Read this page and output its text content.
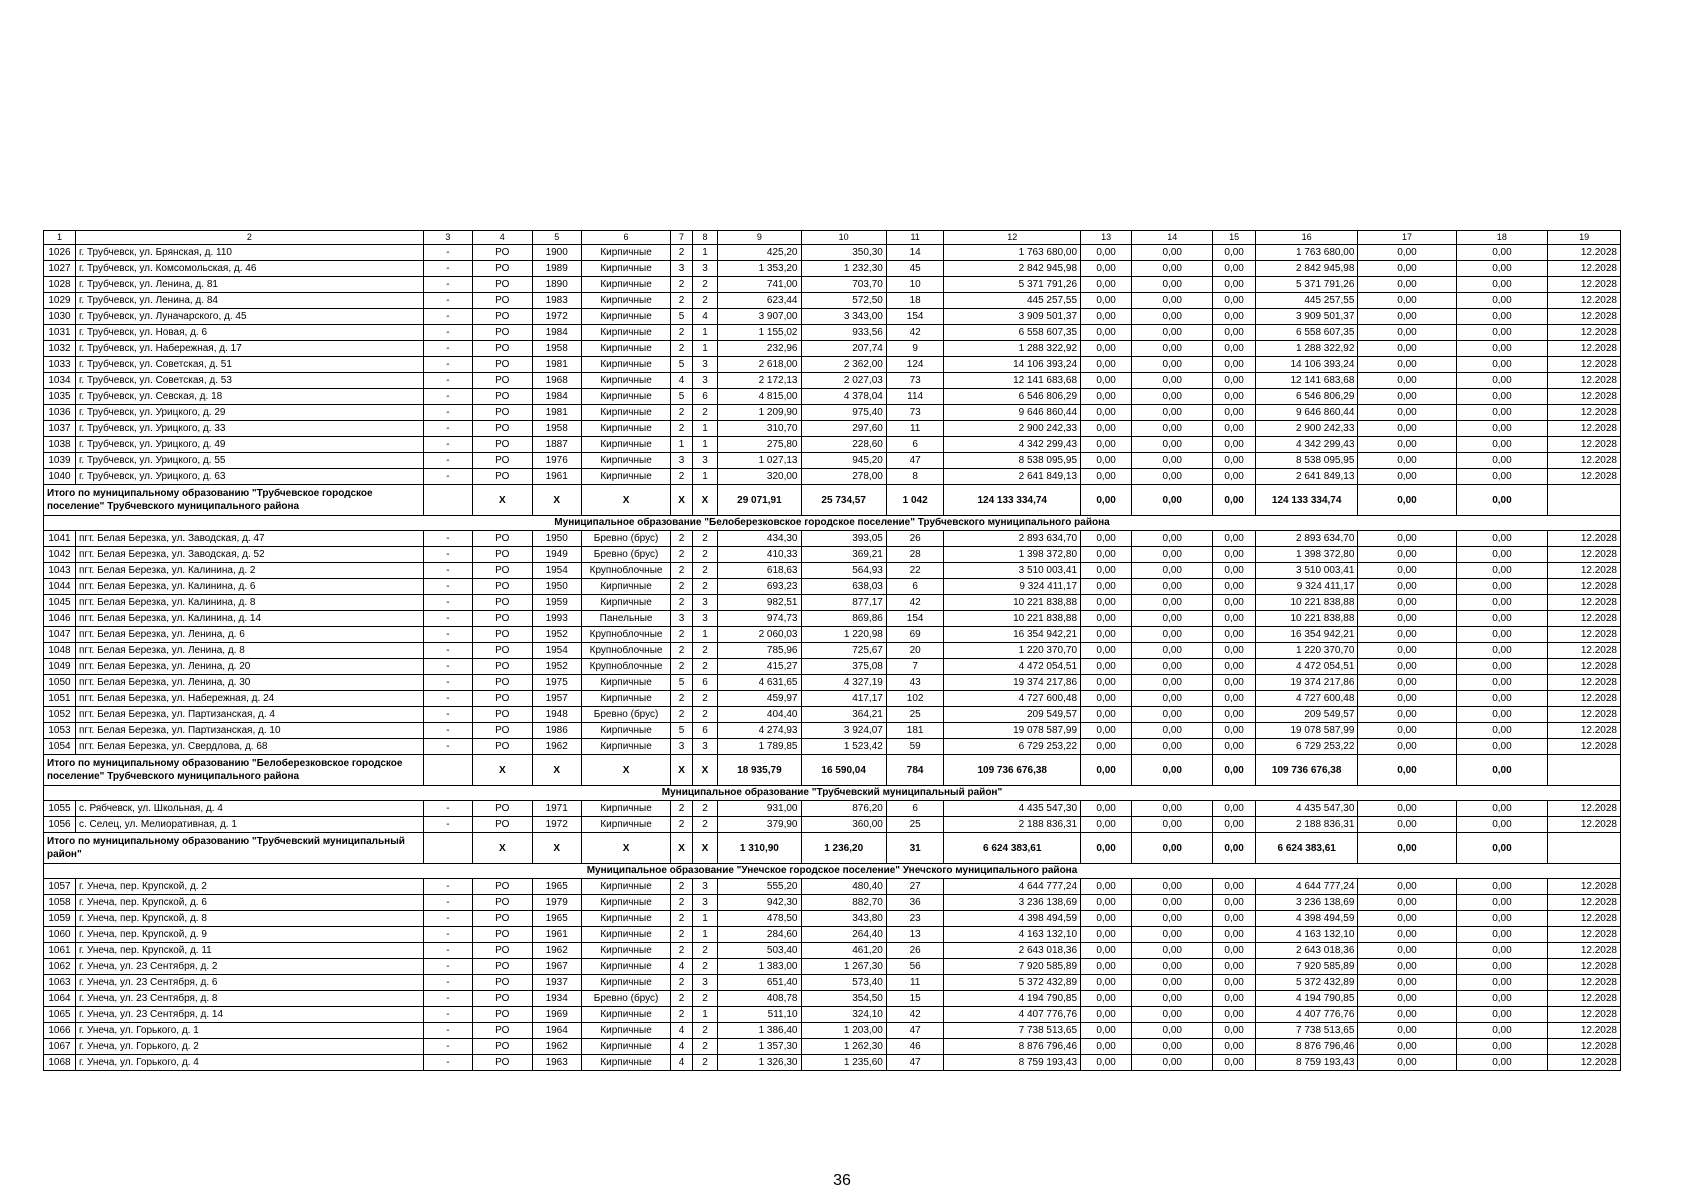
1	2	3	4	5	6	7	8	9	10	11	12	13	14	15	16	17	18	19
1026	г. Трубчевск, ул. Брянская, д. 110	-	РО	1900	Кирпичные	2	1	425,20	350,30	14	1 763 680,00	0,00	0,00	0,00	1 763 680,00	0,00	0,00	12.2028
1027	г. Трубчевск, ул. Комсомольская, д. 46	-	РО	1989	Кирпичные	3	3	1 353,20	1 232,30	45	2 842 945,98	0,00	0,00	0,00	2 842 945,98	0,00	0,00	12.2028
1028	г. Трубчевск, ул. Ленина, д. 81	-	РО	1890	Кирпичные	2	2	741,00	703,70	10	5 371 791,26	0,00	0,00	0,00	5 371 791,26	0,00	0,00	12.2028
1029	г. Трубчевск, ул. Ленина, д. 84	-	РО	1983	Кирпичные	2	2	623,44	572,50	18	445 257,55	0,00	0,00	0,00	445 257,55	0,00	0,00	12.2028
1030	г. Трубчевск, ул. Луначарского, д. 45	-	РО	1972	Кирпичные	5	4	3 907,00	3 343,00	154	3 909 501,37	0,00	0,00	0,00	3 909 501,37	0,00	0,00	12.2028
1031	г. Трубчевск, ул. Новая, д. 6	-	РО	1984	Кирпичные	2	1	1 155,02	933,56	42	6 558 607,35	0,00	0,00	0,00	6 558 607,35	0,00	0,00	12.2028
1032	г. Трубчевск, ул. Набережная, д. 17	-	РО	1958	Кирпичные	2	1	232,96	207,74	9	1 288 322,92	0,00	0,00	0,00	1 288 322,92	0,00	0,00	12.2028
1033	г. Трубчевск, ул. Советская, д. 51	-	РО	1981	Кирпичные	5	3	2 618,00	2 362,00	124	14 106 393,24	0,00	0,00	0,00	14 106 393,24	0,00	0,00	12.2028
1034	г. Трубчевск, ул. Советская, д. 53	-	РО	1968	Кирпичные	4	3	2 172,13	2 027,03	73	12 141 683,68	0,00	0,00	0,00	12 141 683,68	0,00	0,00	12.2028
1035	г. Трубчевск, ул. Севская, д. 18	-	РО	1984	Кирпичные	5	6	4 815,00	4 378,04	114	6 546 806,29	0,00	0,00	0,00	6 546 806,29	0,00	0,00	12.2028
1036	г. Трубчевск, ул. Урицкого, д. 29	-	РО	1981	Кирпичные	2	2	1 209,90	975,40	73	9 646 860,44	0,00	0,00	0,00	9 646 860,44	0,00	0,00	12.2028
1037	г. Трубчевск, ул. Урицкого, д. 33	-	РО	1958	Кирпичные	2	1	310,70	297,60	11	2 900 242,33	0,00	0,00	0,00	2 900 242,33	0,00	0,00	12.2028
1038	г. Трубчевск, ул. Урицкого, д. 49	-	РО	1887	Кирпичные	1	1	275,80	228,60	6	4 342 299,43	0,00	0,00	0,00	4 342 299,43	0,00	0,00	12.2028
1039	г. Трубчевск, ул. Урицкого, д. 55	-	РО	1976	Кирпичные	3	3	1 027,13	945,20	47	8 538 095,95	0,00	0,00	0,00	8 538 095,95	0,00	0,00	12.2028
1040	г. Трубчевск, ул. Урицкого, д. 63	-	РО	1961	Кирпичные	2	1	320,00	278,00	8	2 641 849,13	0,00	0,00	0,00	2 641 849,13	0,00	0,00	12.2028
Итого по муниципальному образованию "Трубчевское городское поселение" Трубчевского муниципального района			X	X	X	X	X	29 071,91	25 734,57	1 042	124 133 334,74	0,00	0,00	0,00	124 133 334,74	0,00	0,00	
Муниципальное образование "Белоберезковское городское поселение" Трубчевского муниципального района																		
1041	пгт. Белая Березка, ул. Заводская, д. 47	-	РО	1950	Бревно (брус)	2	2	434,30	393,05	26	2 893 634,70	0,00	0,00	0,00	2 893 634,70	0,00	0,00	12.2028
1042	пгт. Белая Березка, ул. Заводская, д. 52	-	РО	1949	Бревно (брус)	2	2	410,33	369,21	28	1 398 372,80	0,00	0,00	0,00	1 398 372,80	0,00	0,00	12.2028
1043	пгт. Белая Березка, ул. Калинина, д. 2	-	РО	1954	Крупноблочные	2	2	618,63	564,93	22	3 510 003,41	0,00	0,00	0,00	3 510 003,41	0,00	0,00	12.2028
1044	пгт. Белая Березка, ул. Калинина, д. 6	-	РО	1950	Кирпичные	2	2	693,23	638,03	6	9 324 411,17	0,00	0,00	0,00	9 324 411,17	0,00	0,00	12.2028
1045	пгт. Белая Березка, ул. Калинина, д. 8	-	РО	1959	Кирпичные	2	3	982,51	877,17	42	10 221 838,88	0,00	0,00	0,00	10 221 838,88	0,00	0,00	12.2028
1046	пгт. Белая Березка, ул. Калинина, д. 14	-	РО	1993	Панельные	3	3	974,73	869,86	154	10 221 838,88	0,00	0,00	0,00	10 221 838,88	0,00	0,00	12.2028
1047	пгт. Белая Березка, ул. Ленина, д. 6	-	РО	1952	Крупноблочные	2	1	2 060,03	1 220,98	69	16 354 942,21	0,00	0,00	0,00	16 354 942,21	0,00	0,00	12.2028
1048	пгт. Белая Березка, ул. Ленина, д. 8	-	РО	1954	Крупноблочные	2	2	785,96	725,67	20	1 220 370,70	0,00	0,00	0,00	1 220 370,70	0,00	0,00	12.2028
1049	пгт. Белая Березка, ул. Ленина, д. 20	-	РО	1952	Крупноблочные	2	2	415,27	375,08	7	4 472 054,51	0,00	0,00	0,00	4 472 054,51	0,00	0,00	12.2028
1050	пгт. Белая Березка, ул. Ленина, д. 30	-	РО	1975	Кирпичные	5	6	4 631,65	4 327,19	43	19 374 217,86	0,00	0,00	0,00	19 374 217,86	0,00	0,00	12.2028
1051	пгт. Белая Березка, ул. Набережная, д. 24	-	РО	1957	Кирпичные	2	2	459,97	417,17	102	4 727 600,48	0,00	0,00	0,00	4 727 600,48	0,00	0,00	12.2028
1052	пгт. Белая Березка, ул. Партизанская, д. 4	-	РО	1948	Бревно (брус)	2	2	404,40	364,21	25	209 549,57	0,00	0,00	0,00	209 549,57	0,00	0,00	12.2028
1053	пгт. Белая Березка, ул. Партизанская, д. 10	-	РО	1986	Кирпичные	5	6	4 274,93	3 924,07	181	19 078 587,99	0,00	0,00	0,00	19 078 587,99	0,00	0,00	12.2028
1054	пгт. Белая Березка, ул. Свердлова, д. 68	-	РО	1962	Кирпичные	3	3	1 789,85	1 523,42	59	6 729 253,22	0,00	0,00	0,00	6 729 253,22	0,00	0,00	12.2028
Итого по муниципальному образованию "Белоберезковское городское поселение" Трубчевского муниципального района			X	X	X	X	X	18 935,79	16 590,04	784	109 736 676,38	0,00	0,00	0,00	109 736 676,38	0,00	0,00	
Муниципальное образование "Трубчевский муниципальный район"																		
1055	с. Рябчевск, ул. Школьная, д. 4	-	РО	1971	Кирпичные	2	2	931,00	876,20	6	4 435 547,30	0,00	0,00	0,00	4 435 547,30	0,00	0,00	12.2028
1056	с. Селец, ул. Мелиоративная, д. 1	-	РО	1972	Кирпичные	2	2	379,90	360,00	25	2 188 836,31	0,00	0,00	0,00	2 188 836,31	0,00	0,00	12.2028
Итого по муниципальному образованию "Трубчевский муниципальный район"			X	X	X	X	X	1 310,90	1 236,20	31	6 624 383,61	0,00	0,00	0,00	6 624 383,61	0,00	0,00	
Муниципальное образование "Унечское городское поселение" Унечского муниципального района																		
1057	г. Унеча, пер. Крупской, д. 2	-	РО	1965	Кирпичные	2	3	555,20	480,40	27	4 644 777,24	0,00	0,00	0,00	4 644 777,24	0,00	0,00	12.2028
1058	г. Унеча, пер. Крупской, д. 6	-	РО	1979	Кирпичные	2	3	942,30	882,70	36	3 236 138,69	0,00	0,00	0,00	3 236 138,69	0,00	0,00	12.2028
1059	г. Унеча, пер. Крупской, д. 8	-	РО	1965	Кирпичные	2	1	478,50	343,80	23	4 398 494,59	0,00	0,00	0,00	4 398 494,59	0,00	0,00	12.2028
1060	г. Унеча, пер. Крупской, д. 9	-	РО	1961	Кирпичные	2	1	284,60	264,40	13	4 163 132,10	0,00	0,00	0,00	4 163 132,10	0,00	0,00	12.2028
1061	г. Унеча, пер. Крупской, д. 11	-	РО	1962	Кирпичные	2	2	503,40	461,20	26	2 643 018,36	0,00	0,00	0,00	2 643 018,36	0,00	0,00	12.2028
1062	г. Унеча, ул. 23 Сентября, д. 2	-	РО	1967	Кирпичные	4	2	1 383,00	1 267,30	56	7 920 585,89	0,00	0,00	0,00	7 920 585,89	0,00	0,00	12.2028
1063	г. Унеча, ул. 23 Сентября, д. 6	-	РО	1937	Кирпичные	2	3	651,40	573,40	11	5 372 432,89	0,00	0,00	0,00	5 372 432,89	0,00	0,00	12.2028
1064	г. Унеча, ул. 23 Сентября, д. 8	-	РО	1934	Бревно (брус)	2	2	408,78	354,50	15	4 194 790,85	0,00	0,00	0,00	4 194 790,85	0,00	0,00	12.2028
1065	г. Унеча, ул. 23 Сентября, д. 14	-	РО	1969	Кирпичные	2	1	511,10	324,10	42	4 407 776,76	0,00	0,00	0,00	4 407 776,76	0,00	0,00	12.2028
1066	г. Унеча, ул. Горького, д. 1	-	РО	1964	Кирпичные	4	2	1 386,40	1 203,00	47	7 738 513,65	0,00	0,00	0,00	7 738 513,65	0,00	0,00	12.2028
1067	г. Унеча, ул. Горького, д. 2	-	РО	1962	Кирпичные	4	2	1 357,30	1 262,30	46	8 876 796,46	0,00	0,00	0,00	8 876 796,46	0,00	0,00	12.2028
1068	г. Унеча, ул. Горького, д. 4	-	РО	1963	Кирпичные	4	2	1 326,30	1 235,60	47	8 759 193,43	0,00	0,00	0,00	8 759 193,43	0,00	0,00	12.2028
36
